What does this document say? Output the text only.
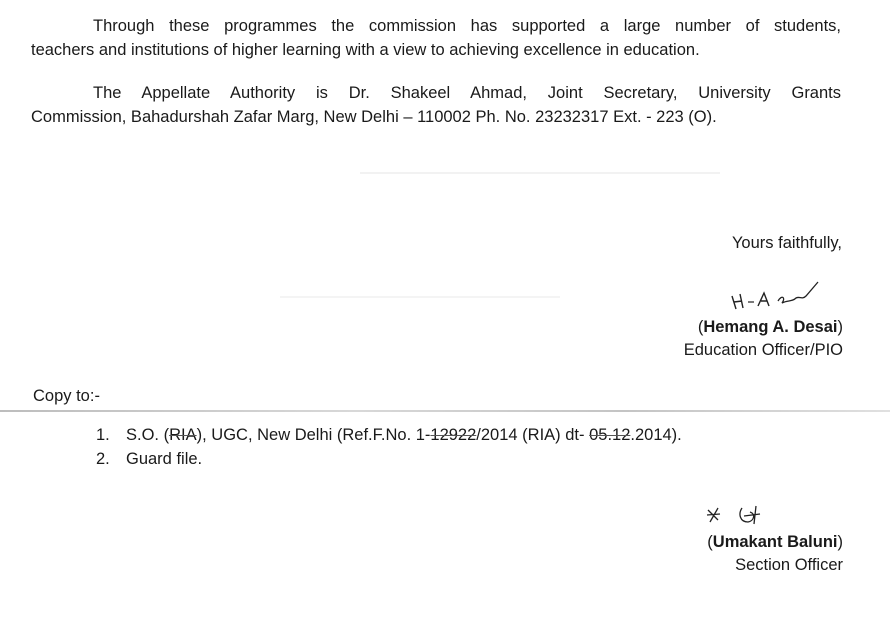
Through these programmes the commission has supported a large number of students,
teachers and institutions of higher learning with a view to achieving excellence in education.

The Appellate Authority is Dr. Shakeel Ahmad, Joint Secretary, University Grants
Commission, Bahadurshah Zafar Marg, New Delhi – 110002 Ph. No. 23232317 Ext. - 223 (O).

Yours faithfully,
(Hemang A. Desai)
Education Officer/PIO
Copy to:-
1. S.O. (RIA), UGC, New Delhi (Ref.F.No. 1-12922/2014 (RIA) dt- 05.12.2014).
2. Guard file.
(Umakant Baluni)
Section Officer
